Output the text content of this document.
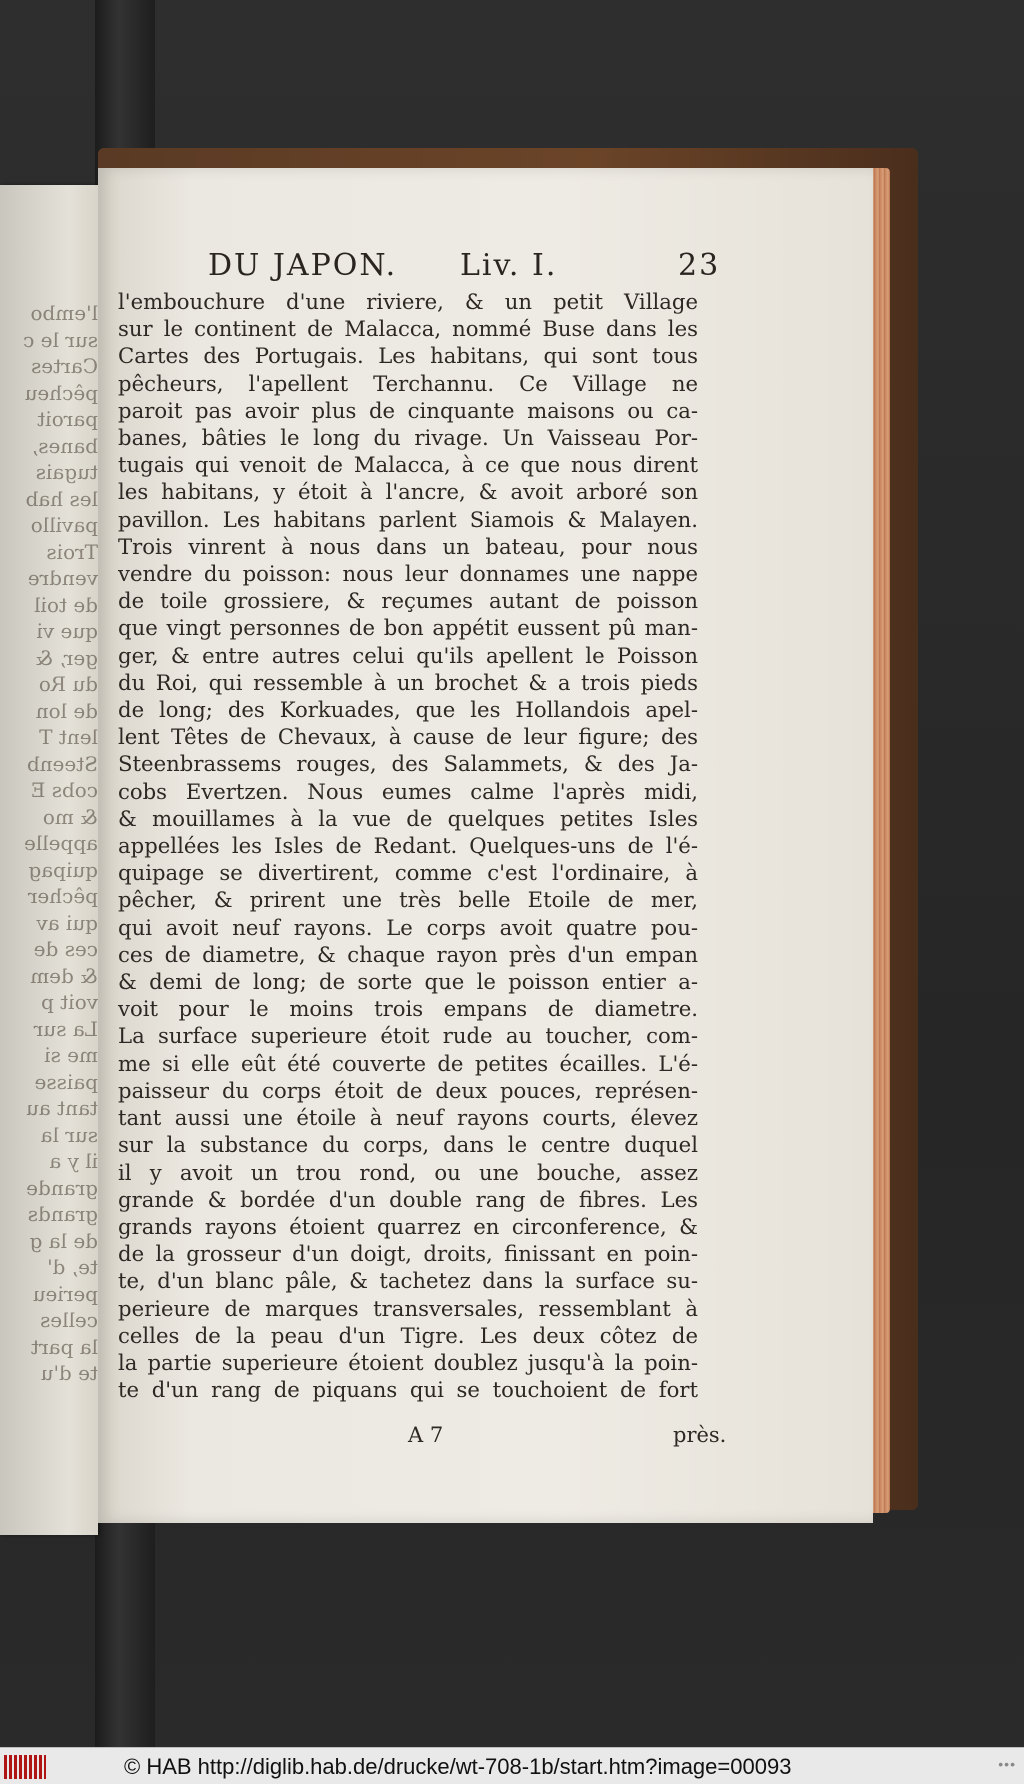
l'embo
sur le c
Cartes
pêcheu
paroit
banes,
tugais
les hab
pavillo
Trois
vendre
de toil
que vi
ger, &
du Ro
de lon
lent T
Steenb
cobs E
& mo
appelle
quipag
pêcher
qui av
ces de
& dem
voit p
La sur
me si
paisse
tant au
sur la
il y a
grande
grands
de la g
te, d'
perieu
celles
la part
te d'u
DU JAPON. Liv. I.	23
l'embouchure d'une riviere, & un petit Village
sur le continent de Malacca, nommé Buse dans les
Cartes des Portugais. Les habitans, qui sont tous
pêcheurs, l'apellent Terchannu. Ce Village ne
paroit pas avoir plus de cinquante maisons ou ca-
banes, bâties le long du rivage. Un Vaisseau Por-
tugais qui venoit de Malacca, à ce que nous dirent
les habitans, y étoit à l'ancre, & avoit arboré son
pavillon. Les habitans parlent Siamois & Malayen.
Trois vinrent à nous dans un bateau, pour nous
vendre du poisson: nous leur donnames une nappe
de toile grossiere, & reçumes autant de poisson
que vingt personnes de bon appétit eussent pû man-
ger, & entre autres celui qu'ils apellent le Poisson
du Roi, qui ressemble à un brochet & a trois pieds
de long; des Korkuades, que les Hollandois apel-
lent Têtes de Chevaux, à cause de leur figure; des
Steenbrassems rouges, des Salammets, & des Ja-
cobs Evertzen. Nous eumes calme l'après midi,
& mouillames à la vue de quelques petites Isles
appellées les Isles de Redant. Quelques-uns de l'é-
quipage se divertirent, comme c'est l'ordinaire, à
pêcher, & prirent une très belle Etoile de mer,
qui avoit neuf rayons. Le corps avoit quatre pou-
ces de diametre, & chaque rayon près d'un empan
& demi de long; de sorte que le poisson entier a-
voit pour le moins trois empans de diametre.
La surface superieure étoit rude au toucher, com-
me si elle eût été couverte de petites écailles. L'é-
paisseur du corps étoit de deux pouces, représen-
tant aussi une étoile à neuf rayons courts, élevez
sur la substance du corps, dans le centre duquel
il y avoit un trou rond, ou une bouche, assez
grande & bordée d'un double rang de fibres. Les
grands rayons étoient quarrez en circonference, &
de la grosseur d'un doigt, droits, finissant en poin-
te, d'un blanc pâle, & tachetez dans la surface su-
perieure de marques transversales, ressemblant à
celles de la peau d'un Tigre. Les deux côtez de
la partie superieure étoient doublez jusqu'à la poin-
te d'un rang de piquans qui se touchoient de fort
A 7	près.
© HAB http://diglib.hab.de/drucke/wt-708-1b/start.htm?image=00093	•••
